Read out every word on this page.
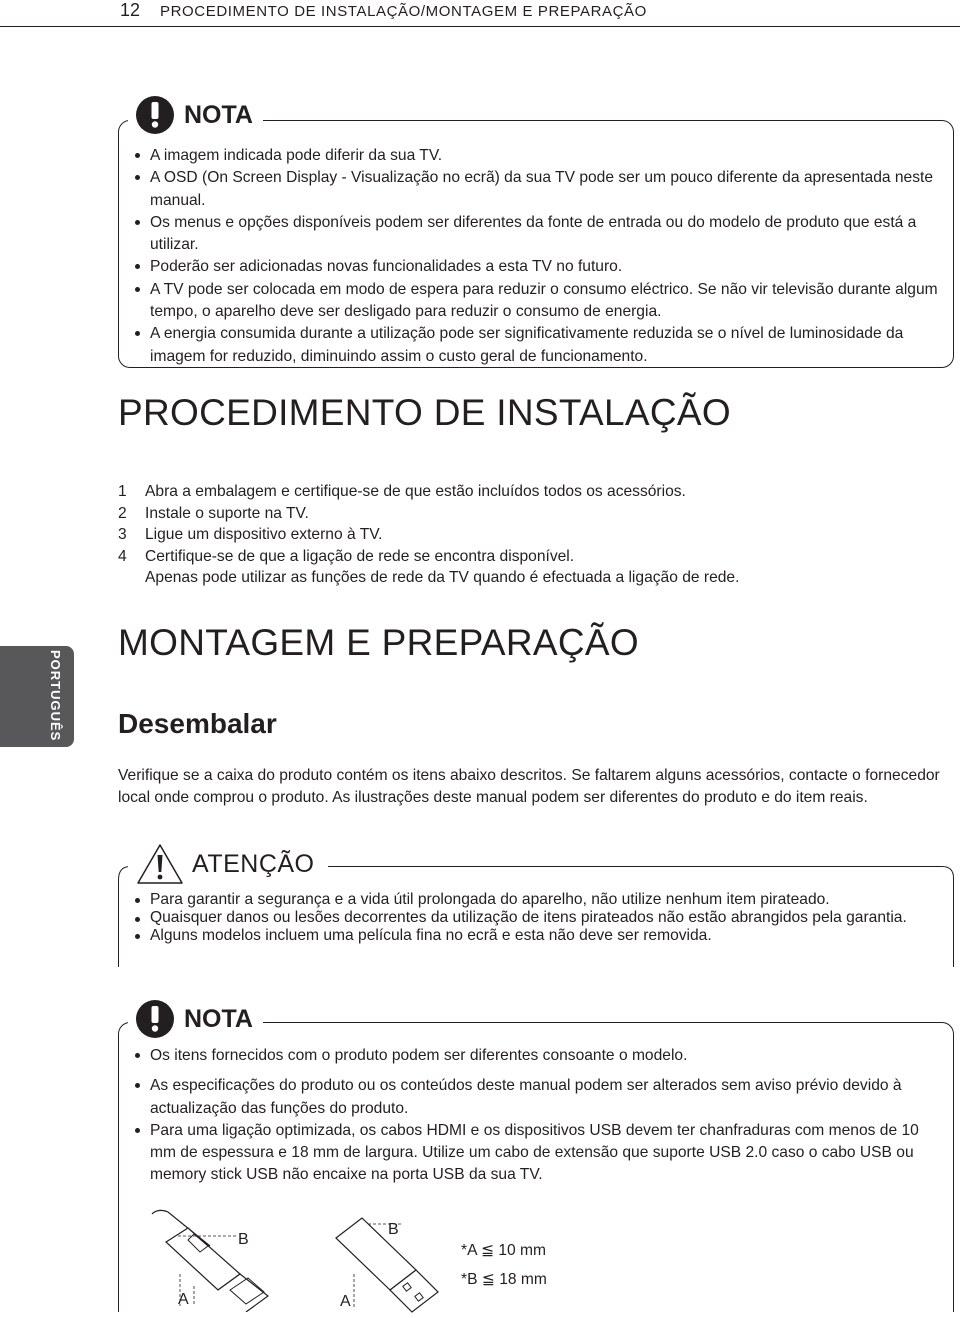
12 PROCEDIMENTO DE INSTALAÇÃO/MONTAGEM E PREPARAÇÃO
NOTA
A imagem indicada pode diferir da sua TV.
A OSD (On Screen Display - Visualização no ecrã) da sua TV pode ser um pouco diferente da apresentada neste manual.
Os menus e opções disponíveis podem ser diferentes da fonte de entrada ou do modelo de produto que está a utilizar.
Poderão ser adicionadas novas funcionalidades a esta TV no futuro.
A TV pode ser colocada em modo de espera para reduzir o consumo eléctrico. Se não vir televisão durante algum tempo, o aparelho deve ser desligado para reduzir o consumo de energia.
A energia consumida durante a utilização pode ser significativamente reduzida se o nível de luminosidade da imagem for reduzido, diminuindo assim o custo geral de funcionamento.
PROCEDIMENTO DE INSTALAÇÃO
1	Abra a embalagem e certifique-se de que estão incluídos todos os acessórios.
2	Instale o suporte na TV.
3	Ligue um dispositivo externo à TV.
4	Certifique-se de que a ligação de rede se encontra disponível.
Apenas pode utilizar as funções de rede da TV quando é efectuada a ligação de rede.
PORTUGUÊS
MONTAGEM E PREPARAÇÃO
Desembalar
Verifique se a caixa do produto contém os itens abaixo descritos. Se faltarem alguns acessórios, contacte o fornecedor local onde comprou o produto. As ilustrações deste manual podem ser diferentes do produto e do item reais.
ATENÇÃO
Para garantir a segurança e a vida útil prolongada do aparelho, não utilize nenhum item pirateado.
Quaisquer danos ou lesões decorrentes da utilização de itens pirateados não estão abrangidos pela garantia.
Alguns modelos incluem uma película fina no ecrã e esta não deve ser removida.
NOTA
Os itens fornecidos com o produto podem ser diferentes consoante o modelo.
As especificações do produto ou os conteúdos deste manual podem ser alterados sem aviso prévio devido à actualização das funções do produto.
Para uma ligação optimizada, os cabos HDMI e os dispositivos USB devem ter chanfraduras com menos de 10 mm de espessura e 18 mm de largura. Utilize um cabo de extensão que suporte USB 2.0 caso o cabo USB ou memory stick USB não encaixe na porta USB da sua TV.
A
B
A
B
*A ≦ 10 mm
*B ≦ 18 mm
